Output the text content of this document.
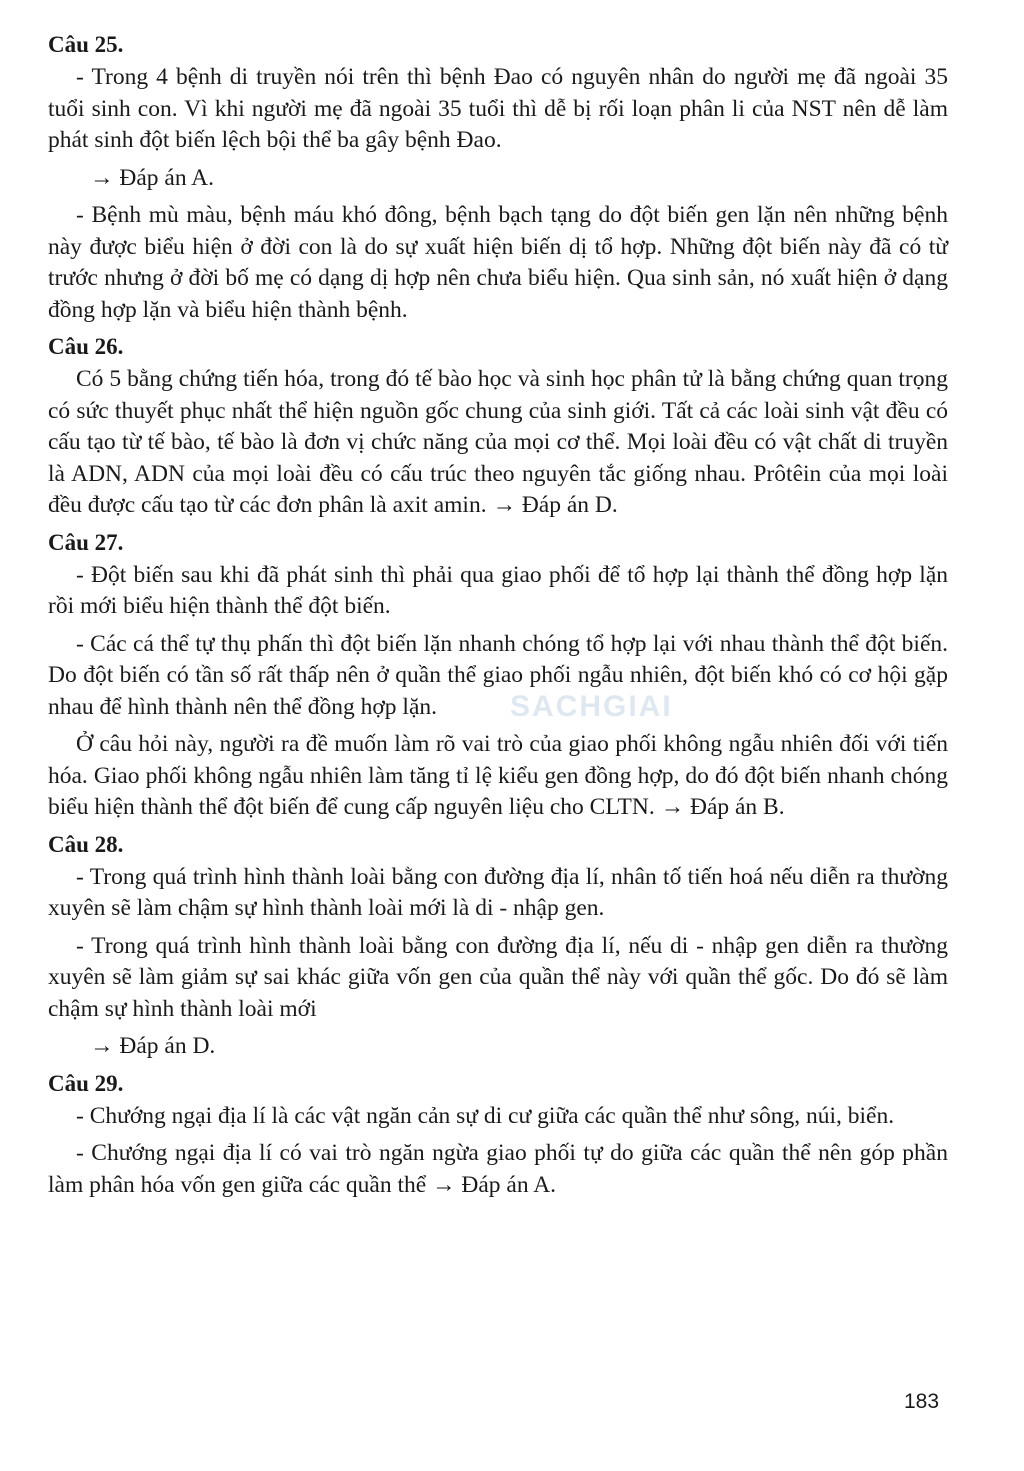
Câu 25.

- Trong 4 bệnh di truyền nói trên thì bệnh Đao có nguyên nhân do người mẹ đã ngoài 35 tuổi sinh con. Vì khi người mẹ đã ngoài 35 tuổi thì dễ bị rối loạn phân li của NST nên dễ làm phát sinh đột biến lệch bội thể ba gây bệnh Đao.

→ Đáp án A.

- Bệnh mù màu, bệnh máu khó đông, bệnh bạch tạng do đột biến gen lặn nên những bệnh này được biểu hiện ở đời con là do sự xuất hiện biến dị tổ hợp. Những đột biến này đã có từ trước nhưng ở đời bố mẹ có dạng dị hợp nên chưa biểu hiện. Qua sinh sản, nó xuất hiện ở dạng đồng hợp lặn và biểu hiện thành bệnh.

Câu 26.

Có 5 bằng chứng tiến hóa, trong đó tế bào học và sinh học phân tử là bằng chứng quan trọng có sức thuyết phục nhất thể hiện nguồn gốc chung của sinh giới. Tất cả các loài sinh vật đều có cấu tạo từ tế bào, tế bào là đơn vị chức năng của mọi cơ thể. Mọi loài đều có vật chất di truyền là ADN, ADN của mọi loài đều có cấu trúc theo nguyên tắc giống nhau. Prôtêin của mọi loài đều được cấu tạo từ các đơn phân là axit amin. → Đáp án D.

Câu 27.

- Đột biến sau khi đã phát sinh thì phải qua giao phối để tổ hợp lại thành thể đồng hợp lặn rồi mới biểu hiện thành thể đột biến.

- Các cá thể tự thụ phấn thì đột biến lặn nhanh chóng tổ hợp lại với nhau thành thể đột biến. Do đột biến có tần số rất thấp nên ở quần thể giao phối ngẫu nhiên, đột biến khó có cơ hội gặp nhau để hình thành nên thể đồng hợp lặn.

Ở câu hỏi này, người ra đề muốn làm rõ vai trò của giao phối không ngẫu nhiên đối với tiến hóa. Giao phối không ngẫu nhiên làm tăng tỉ lệ kiểu gen đồng hợp, do đó đột biến nhanh chóng biểu hiện thành thể đột biến để cung cấp nguyên liệu cho CLTN. → Đáp án B.

Câu 28.

- Trong quá trình hình thành loài bằng con đường địa lí, nhân tố tiến hoá nếu diễn ra thường xuyên sẽ làm chậm sự hình thành loài mới là di - nhập gen.

- Trong quá trình hình thành loài bằng con đường địa lí, nếu di - nhập gen diễn ra thường xuyên sẽ làm giảm sự sai khác giữa vốn gen của quần thể này với quần thể gốc. Do đó sẽ làm chậm sự hình thành loài mới

→ Đáp án D.

Câu 29.

- Chướng ngại địa lí là các vật ngăn cản sự di cư giữa các quần thể như sông, núi, biển.

- Chướng ngại địa lí có vai trò ngăn ngừa giao phối tự do giữa các quần thể nên góp phần làm phân hóa vốn gen giữa các quần thể → Đáp án A.

SACHGIAI
183
